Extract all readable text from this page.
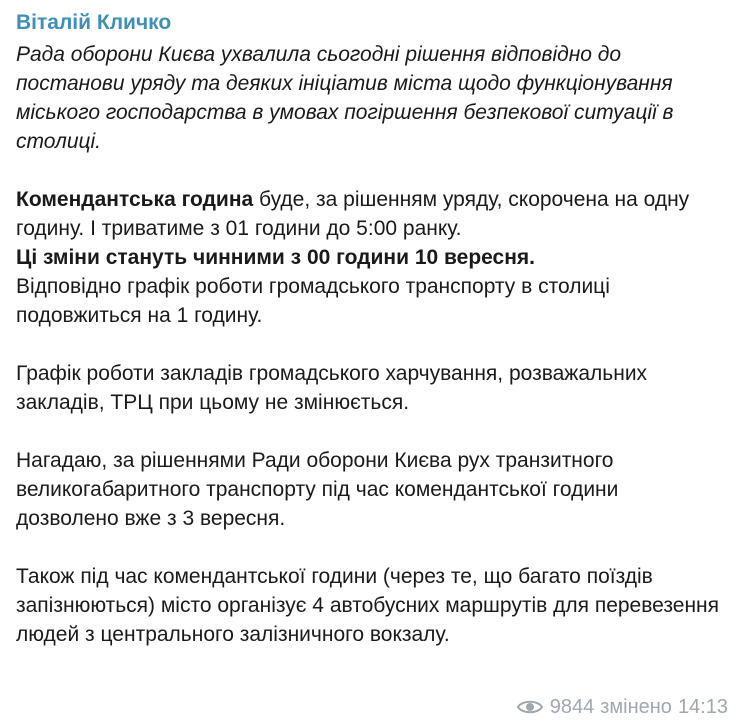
Віталій Кличко

Рада оборони Києва ухвалила сьогодні рішення відповідно до постанови уряду та деяких ініціатив міста щодо функціонування міського господарства в умовах погіршення безпекової ситуації в столиці.

Комендантська година буде, за рішенням уряду, скорочена на одну годину. І триватиме з 01 години до 5:00 ранку.

Ці зміни стануть чинними з 00 години 10 вересня.

Відповідно графік роботи громадського транспорту в столиці подовжиться на 1 годину.

Графік роботи закладів громадського харчування, розважальних закладів, ТРЦ при цьому не змінюється.

Нагадаю, за рішеннями Ради оборони Києва рух транзитного великогабаритного транспорту під час комендантської години дозволено вже з 3 вересня.

Також під час комендантської години (через те, що багато поїздів запізнюються) місто організує 4 автобусних маршрутів для перевезення людей з центрального залізничного вокзалу.

9844 змінено 14:13
